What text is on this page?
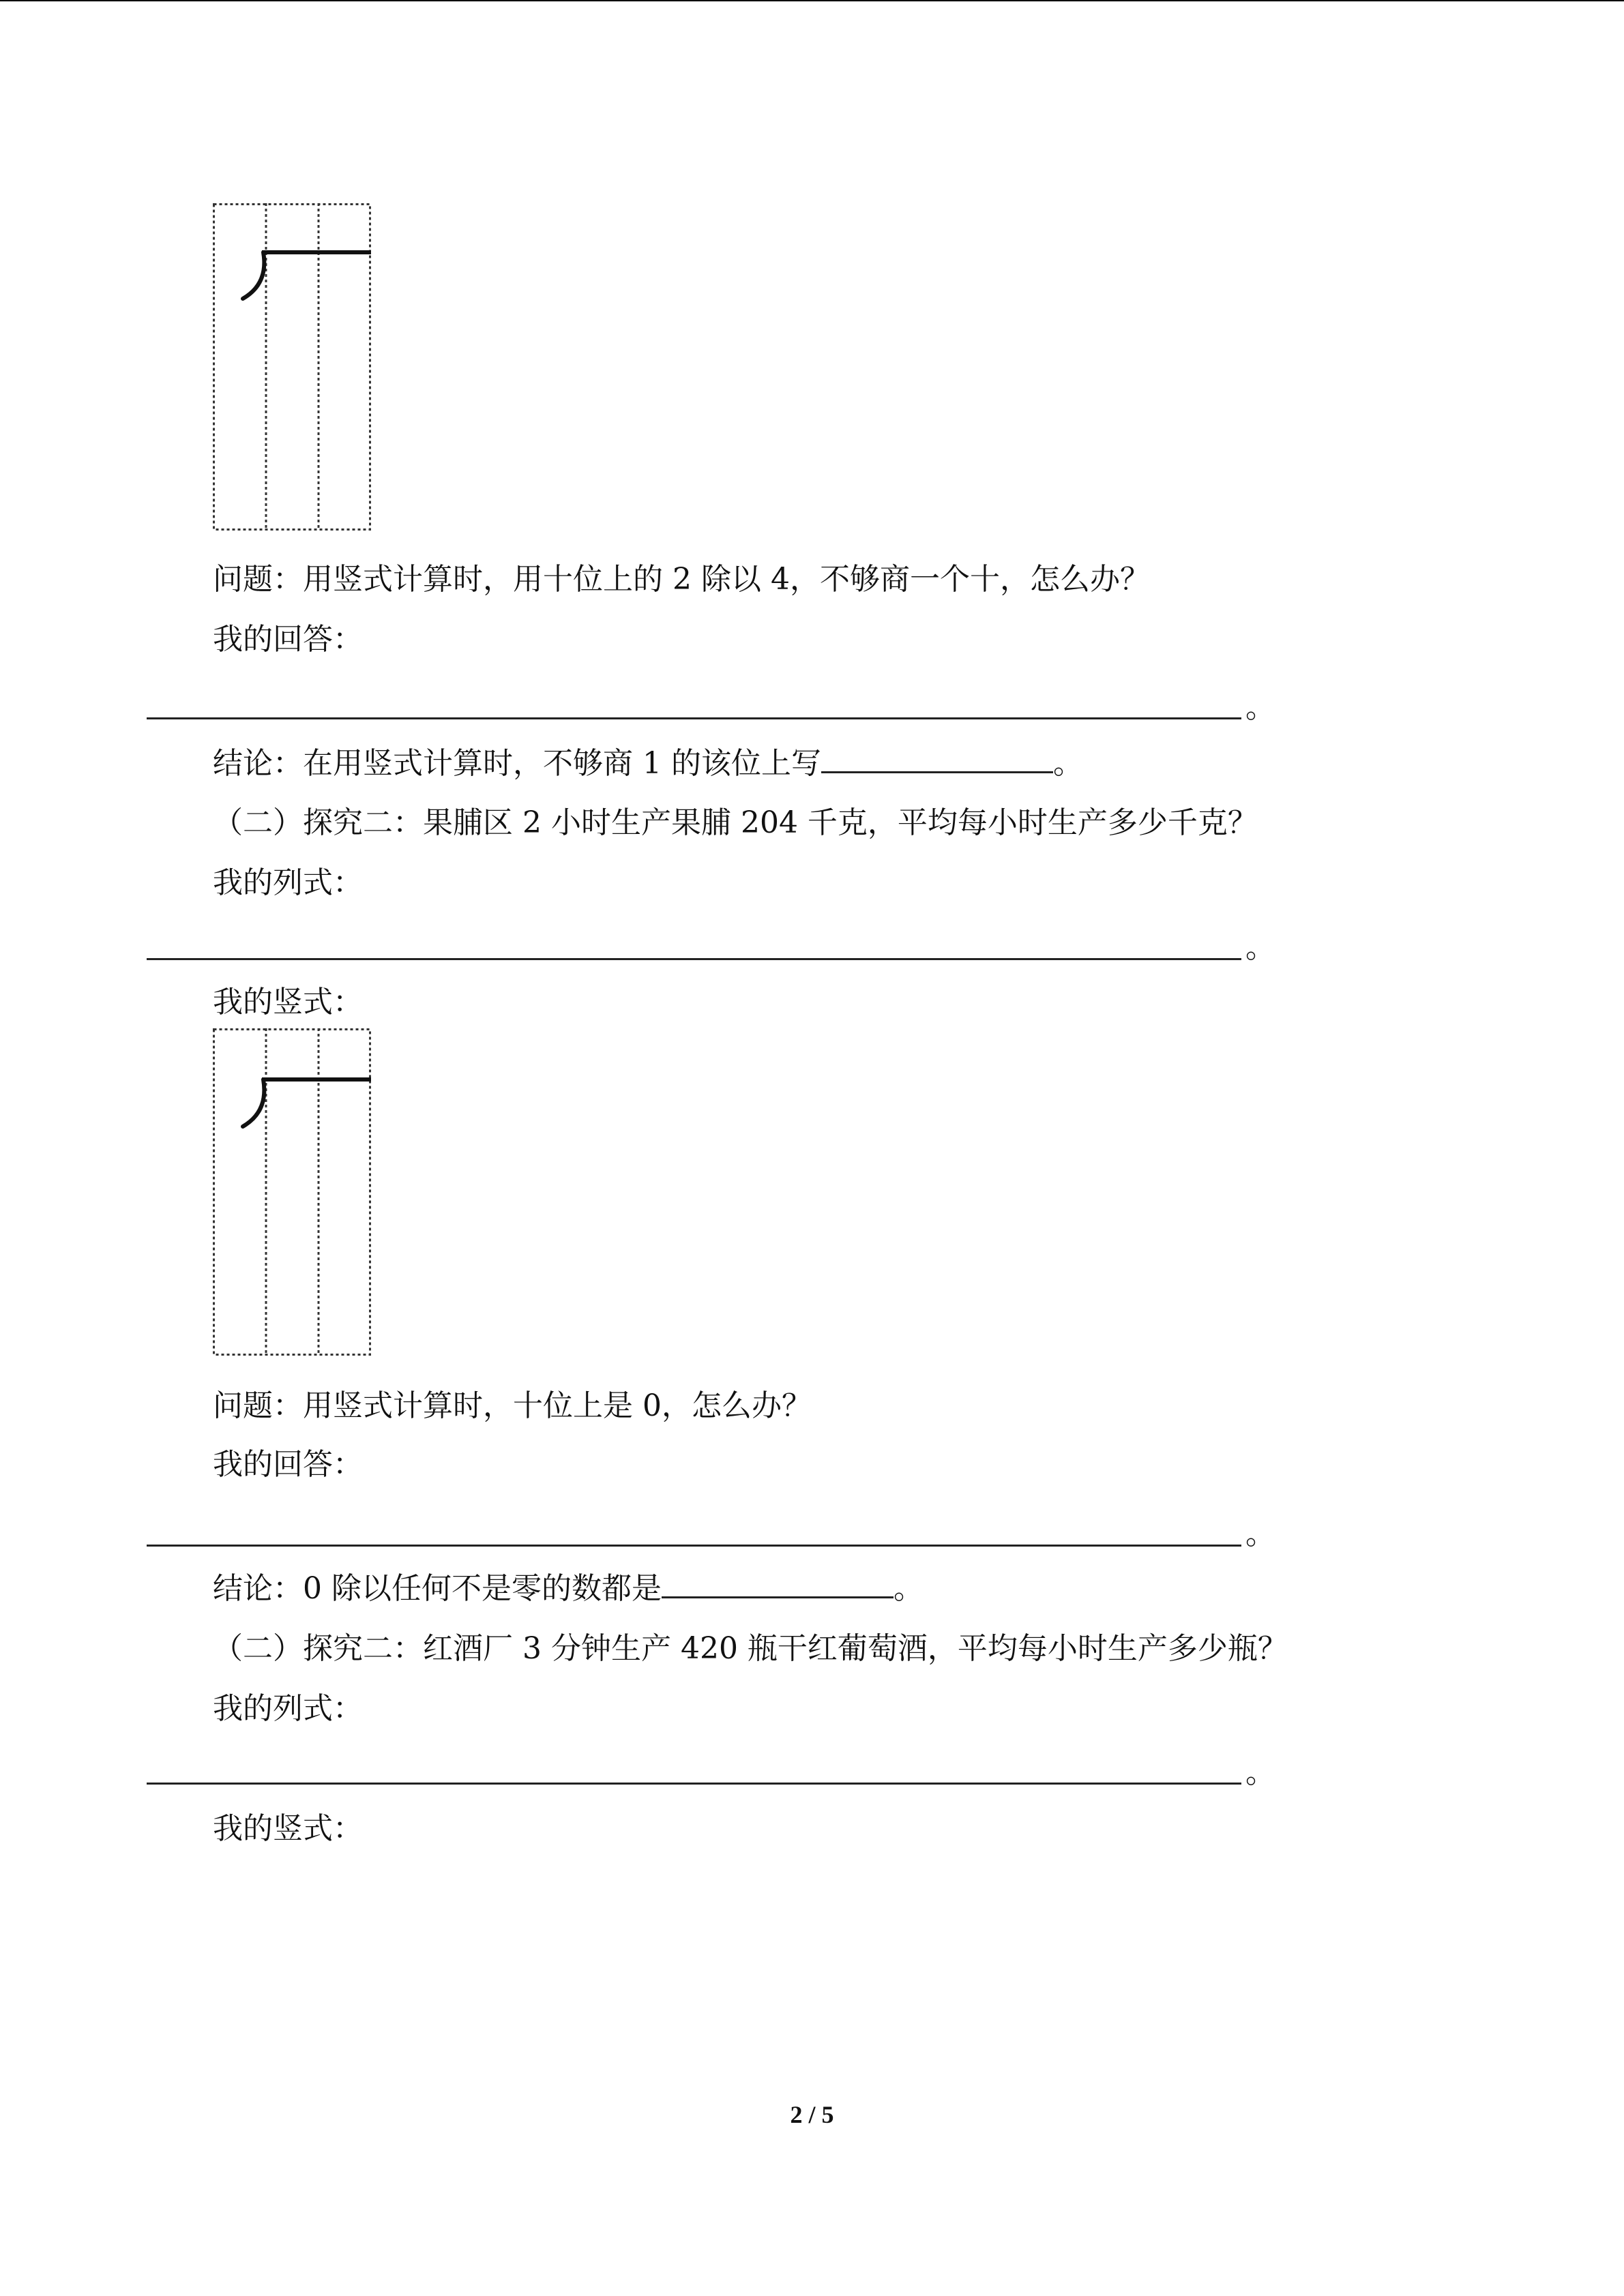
问题：用竖式计算时，用十位上的 2 除以 4，不够商一个十，怎么办？
我的回答：
。
结论：在用竖式计算时，不够商 1 的该位上写	。
（二）探究二：果脯区 2 小时生产果脯 204 千克，平均每小时生产多少千克？
我的列式：
。
我的竖式：
问题：用竖式计算时，十位上是 0，怎么办？
我的回答：
。
结论：0 除以任何不是零的数都是	。
（二）探究二：红酒厂 3 分钟生产 420 瓶干红葡萄酒，平均每小时生产多少瓶？
我的列式：
。
我的竖式：
2 / 5
